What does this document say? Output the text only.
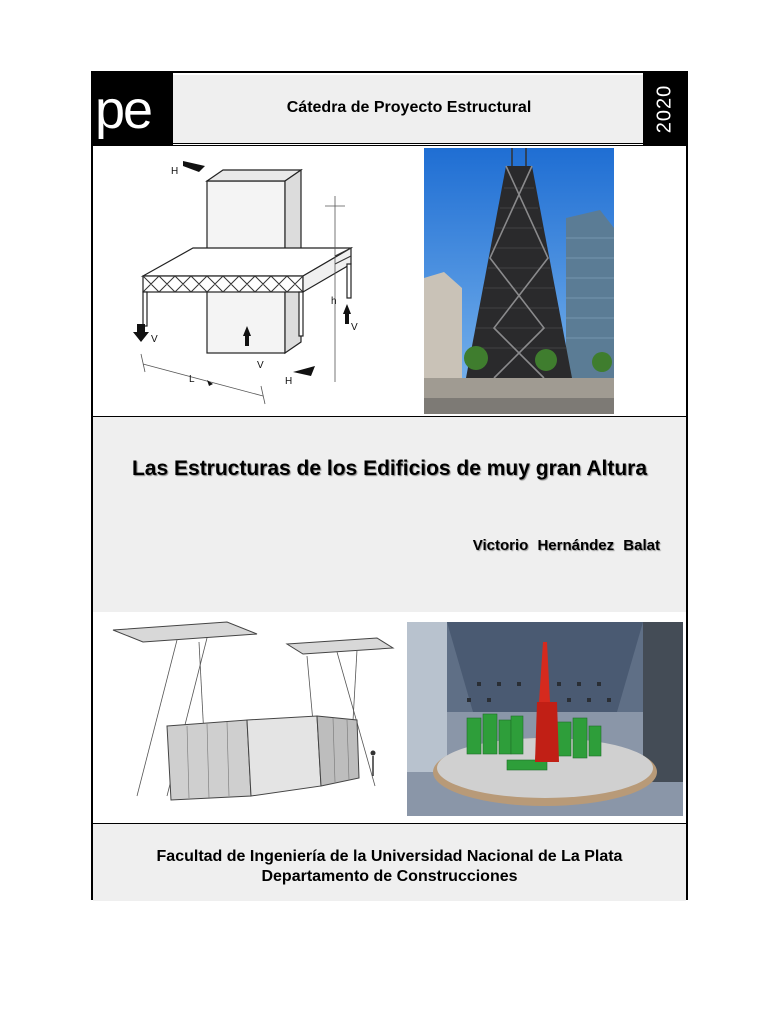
pe	Cátedra de Proyecto Estructural	2020
H
V
V
V
L	H
h
Las Estructuras de los Edificios de muy gran Altura
Victorio Hernández Balat
Facultad de Ingeniería de la Universidad Nacional de La Plata
Departamento de Construcciones
